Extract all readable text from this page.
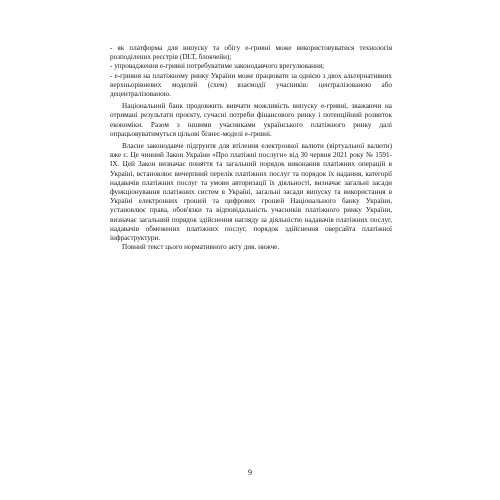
- як платформа для випуску та обігу е-гривні може використовуватися технологія розподілених реєстрів (DLT, блокчейн);

- упровадження е-гривні потребуватиме законодавчого врегулювання;

- е-гривня на платіжному ринку України може працювати за однією з двох альтернативних верхньорівневих моделей (схем) взаємодії учасників: централізованою або децентралізованою.

Національний банк продовжить вивчати можливість випуску е-гривні, зважаючи на отримані результати проєкту, сучасні потреби фінансового ринку і потенційний розвиток економіки. Разом з іншими учасниками українського платіжного ринку далі опрацьовуватимуться цільові бізнес-моделі е-гривні.

Власне законодавче підґрунтя для втілення електронної валюти (віртуальної валюти) вже є. Це чинний Закон України «Про платіжні послуги» від 30 червня 2021 року № 1591-IX. Цей Закон визначає поняття та загальний порядок виконання платіжних операцій в Україні, встановлює вичерпний перелік платіжних послуг та порядок їх надання, категорії надавачів платіжних послуг та умови авторизації їх діяльності, визначає загальні засади функціонування платіжних систем в Україні, загальні засади випуску та використання в Україні електронних грошей та цифрових грошей Національного банку України, установлює права, обов'язки та відповідальність учасників платіжного ринку України, визначає загальний порядок здійснення нагляду за діяльністю надавачів платіжних послуг, надавачів обмежених платіжних послуг, порядок здійснення оверсайта платіжної інфраструктури.

Повний текст цього нормативного акту див. нижче.

9
